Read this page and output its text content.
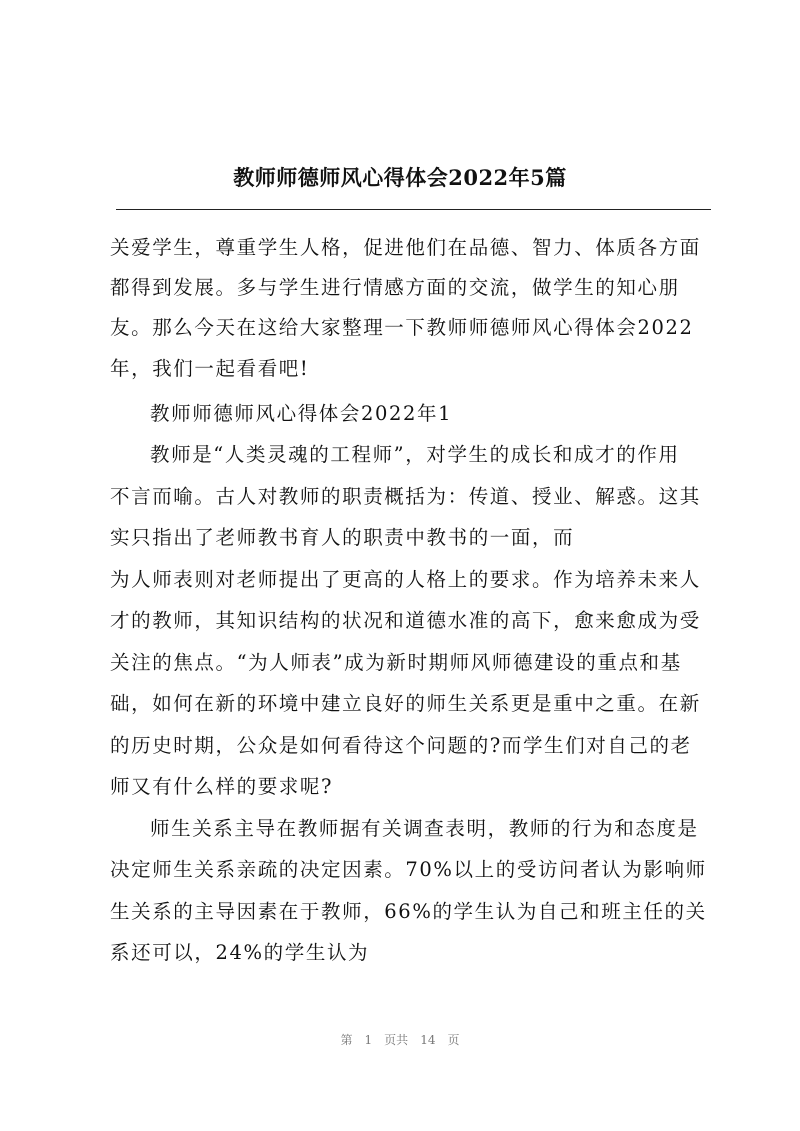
教师师德师风心得体会2022年5篇
关爱学生，尊重学生人格，促进他们在品德、智力、体质各方面
都得到发展。多与学生进行情感方面的交流，做学生的知心朋
友。那么今天在这给大家整理一下教师师德师风心得体会2022
年，我们一起看看吧!
教师师德师风心得体会2022年1
教师是“人类灵魂的工程师”，对学生的成长和成才的作用
不言而喻。古人对教师的职责概括为：传道、授业、解惑。这其
实只指出了老师教书育人的职责中教书的一面，而
为人师表则对老师提出了更高的人格上的要求。作为培养未来人
才的教师，其知识结构的状况和道德水准的高下，愈来愈成为受
关注的焦点。“为人师表”成为新时期师风师德建设的重点和基
础，如何在新的环境中建立良好的师生关系更是重中之重。在新
的历史时期，公众是如何看待这个问题的?而学生们对自己的老
师又有什么样的要求呢?
师生关系主导在教师据有关调查表明，教师的行为和态度是
决定师生关系亲疏的决定因素。70%以上的受访问者认为影响师
生关系的主导因素在于教师，66%的学生认为自己和班主任的关
系还可以，24%的学生认为
第 1 页共 14 页
